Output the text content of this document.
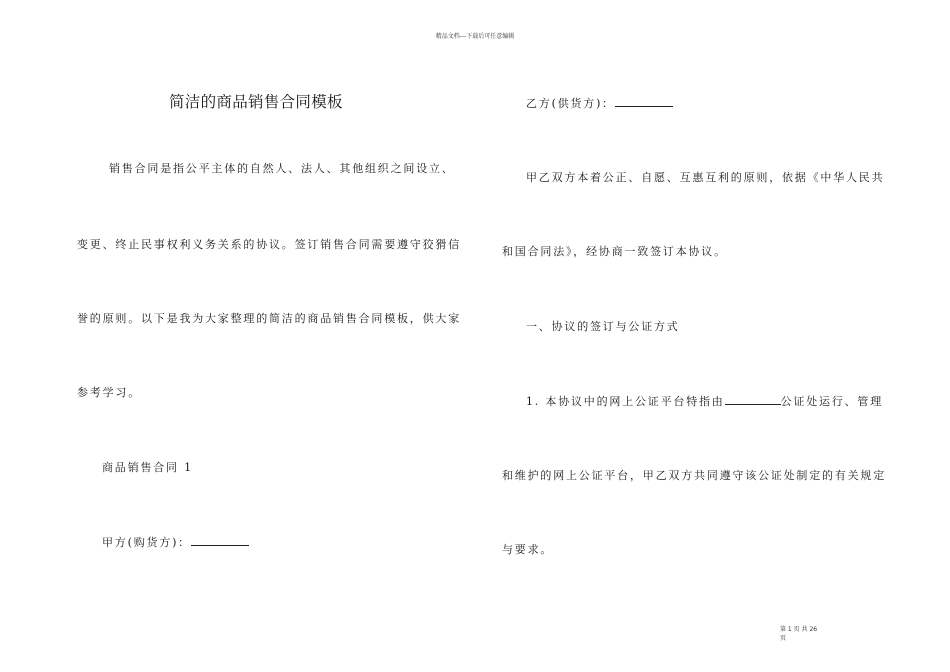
精品文档---下载后可任意编辑
简洁的商品销售合同模板
销售合同是指公平主体的自然人、法人、其他组织之间设立、
变更、终止民事权利义务关系的协议。签订销售合同需要遵守狡猾信
誉的原则。以下是我为大家整理的简洁的商品销售合同模板，供大家
参考学习。
商品销售合同 1
甲方(购货方)：
乙方(供货方)：
甲乙双方本着公正、自愿、互惠互利的原则，依据《中华人民共
和国合同法》，经协商一致签订本协议。
一、协议的签订与公证方式
1. 本协议中的网上公证平台特指由	公证处运行、管理
和维护的网上公证平台，甲乙双方共同遵守该公证处制定的有关规定
与要求。
第 1 页 共 26
页
